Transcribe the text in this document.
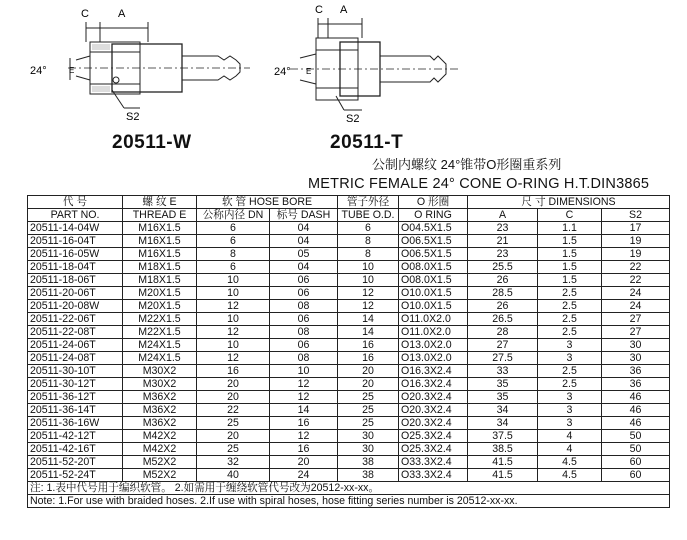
C	A
24°	E
S2
C A
24° E
S2
20511-W	20511-T
公制内螺纹 24°锥带O形圈重系列
METRIC FEMALE 24° CONE O-RING H.T.DIN3865
代 号	螺 纹 E	软 管 HOSE BORE		管子外径	O 形圈	尺 寸 DIMENSIONS		
PART NO.	THREAD E	公称内径 DN	标号 DASH	TUBE O.D.	O RING	A	C	S2
20511-14-04W	M16X1.5	6	04	6	O04.5X1.5	23	1.1	17
20511-16-04T	M16X1.5	6	04	8	O06.5X1.5	21	1.5	19
20511-16-05W	M16X1.5	8	05	8	O06.5X1.5	23	1.5	19
20511-18-04T	M18X1.5	6	04	10	O08.0X1.5	25.5	1.5	22
20511-18-06T	M18X1.5	10	06	10	O08.0X1.5	26	1.5	22
20511-20-06T	M20X1.5	10	06	12	O10.0X1.5	28.5	2.5	24
20511-20-08W	M20X1.5	12	08	12	O10.0X1.5	26	2.5	24
20511-22-06T	M22X1.5	10	06	14	O11.0X2.0	26.5	2.5	27
20511-22-08T	M22X1.5	12	08	14	O11.0X2.0	28	2.5	27
20511-24-06T	M24X1.5	10	06	16	O13.0X2.0	27	3	30
20511-24-08T	M24X1.5	12	08	16	O13.0X2.0	27.5	3	30
20511-30-10T	M30X2	16	10	20	O16.3X2.4	33	2.5	36
20511-30-12T	M30X2	20	12	20	O16.3X2.4	35	2.5	36
20511-36-12T	M36X2	20	12	25	O20.3X2.4	35	3	46
20511-36-14T	M36X2	22	14	25	O20.3X2.4	34	3	46
20511-36-16W	M36X2	25	16	25	O20.3X2.4	34	3	46
20511-42-12T	M42X2	20	12	30	O25.3X2.4	37.5	4	50
20511-42-16T	M42X2	25	16	30	O25.3X2.4	38.5	4	50
20511-52-20T	M52X2	32	20	38	O33.3X2.4	41.5	4.5	60
20511-52-24T	M52X2	40	24	38	O33.3X2.4	41.5	4.5	60
注: 1.表中代号用于编织软管。 2.如需用于缠绕软管代号改为20512-xx-xx。								
Note: 1.For use with braided hoses. 2.If use with spiral hoses, hose fitting series number is 20512-xx-xx.								
